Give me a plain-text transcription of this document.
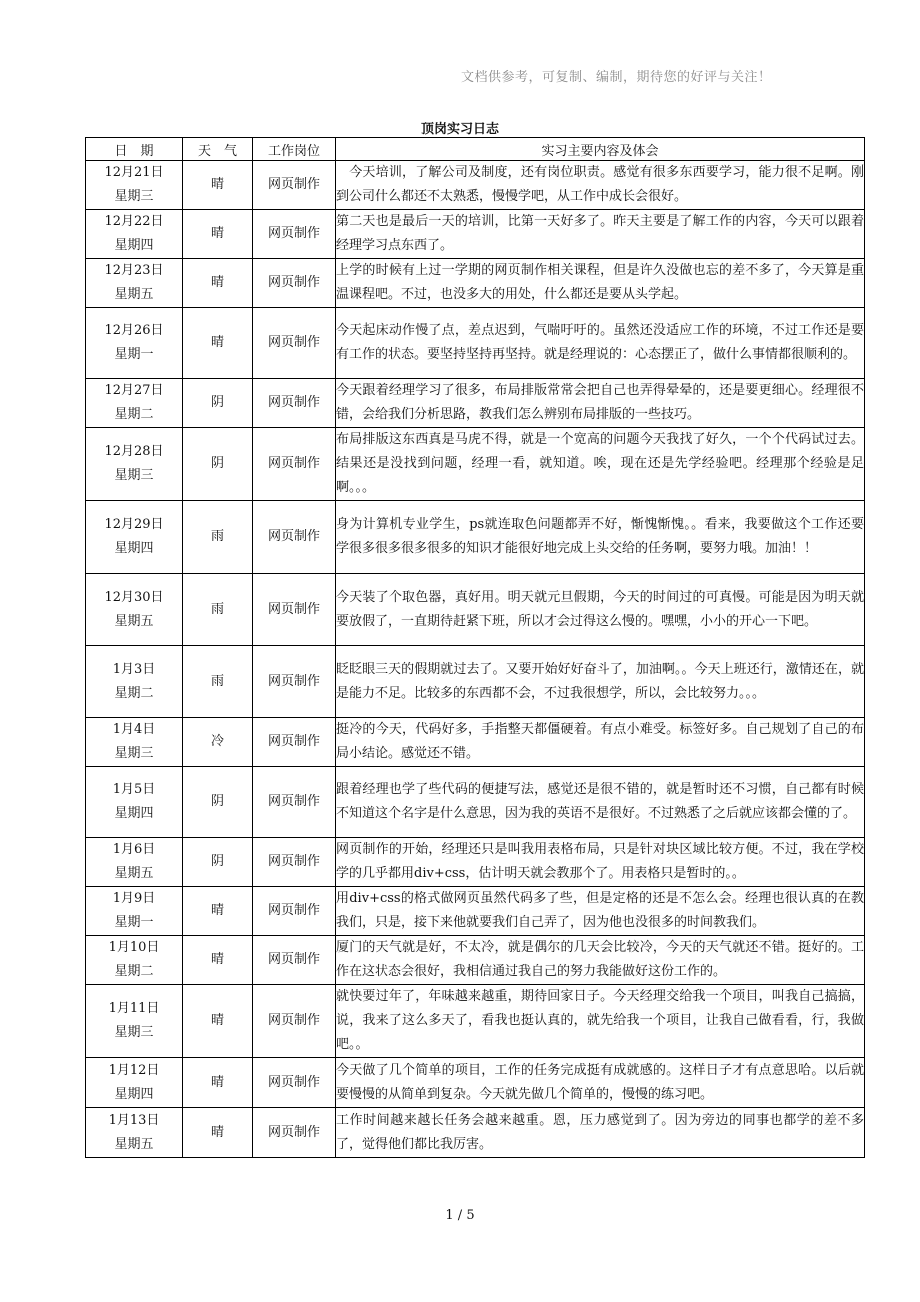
文档供参考，可复制、编制，期待您的好评与关注！
顶岗实习日志
日　期	天　气	工作岗位	实习主要内容及体会

12月21日
星期三	晴	网页制作	　今天培训，了解公司及制度，还有岗位职责。感觉有很多东西要学习，能力很不足啊。刚到公司什么都还不太熟悉，慢慢学吧，从工作中成长会很好。

12月22日
星期四	晴	网页制作	第二天也是最后一天的培训，比第一天好多了。昨天主要是了解工作的内容，今天可以跟着经理学习点东西了。

12月23日
星期五	晴	网页制作	上学的时候有上过一学期的网页制作相关课程，但是许久没做也忘的差不多了，今天算是重温课程吧。不过，也没多大的用处，什么都还是要从头学起。

12月26日
星期一	晴	网页制作	今天起床动作慢了点，差点迟到，气喘吁吁的。虽然还没适应工作的环境，不过工作还是要有工作的状态。要坚持坚持再坚持。就是经理说的：心态摆正了，做什么事情都很顺利的。

12月27日
星期二	阴	网页制作	今天跟着经理学习了很多，布局排版常常会把自己也弄得晕晕的，还是要更细心。经理很不错，会给我们分析思路，教我们怎么辨别布局排版的一些技巧。

12月28日
星期三	阴	网页制作	布局排版这东西真是马虎不得，就是一个宽高的问题今天我找了好久，一个个代码试过去。结果还是没找到问题，经理一看，就知道。唉，现在还是先学经验吧。经理那个经验是足啊。。。

12月29日
星期四	雨	网页制作	身为计算机专业学生，ps就连取色问题都弄不好，惭愧惭愧。。看来，我要做这个工作还要学很多很多很多很多的知识才能很好地完成上头交给的任务啊，要努力哦。加油！！

12月30日
星期五	雨	网页制作	今天装了个取色器，真好用。明天就元旦假期，今天的时间过的可真慢。可能是因为明天就要放假了，一直期待赶紧下班，所以才会过得这么慢的。嘿嘿，小小的开心一下吧。

1月3日
星期二	雨	网页制作	眨眨眼三天的假期就过去了。又要开始好好奋斗了，加油啊。。今天上班还行，激情还在，就是能力不足。比较多的东西都不会，不过我很想学，所以，会比较努力。。。

1月4日
星期三	冷	网页制作	挺冷的今天，代码好多，手指整天都僵硬着。有点小难受。标签好多。自己规划了自己的布局小结论。感觉还不错。

1月5日
星期四	阴	网页制作	跟着经理也学了些代码的便捷写法，感觉还是很不错的，就是暂时还不习惯，自己都有时候不知道这个名字是什么意思，因为我的英语不是很好。不过熟悉了之后就应该都会懂的了。

1月6日
星期五	阴	网页制作	网页制作的开始，经理还只是叫我用表格布局，只是针对块区域比较方便。不过，我在学校学的几乎都用div+css，估计明天就会教那个了。用表格只是暂时的。。

1月9日
星期一	晴	网页制作	用div+css的格式做网页虽然代码多了些，但是定格的还是不怎么会。经理也很认真的在教我们，只是，接下来他就要我们自己弄了，因为他也没很多的时间教我们。

1月10日
星期二	晴	网页制作	厦门的天气就是好，不太冷，就是偶尔的几天会比较冷，今天的天气就还不错。挺好的。工作在这状态会很好，我相信通过我自己的努力我能做好这份工作的。

1月11日
星期三	晴	网页制作	就快要过年了，年味越来越重，期待回家日子。今天经理交给我一个项目，叫我自己搞搞，说，我来了这么多天了，看我也挺认真的，就先给我一个项目，让我自己做看看，行，我做吧。。

1月12日
星期四	晴	网页制作	今天做了几个简单的项目，工作的任务完成挺有成就感的。这样日子才有点意思哈。以后就要慢慢的从简单到复杂。今天就先做几个简单的，慢慢的练习吧。

1月13日
星期五	晴	网页制作	工作时间越来越长任务会越来越重。恩，压力感觉到了。因为旁边的同事也都学的差不多了，觉得他们都比我厉害。
1 / 5
